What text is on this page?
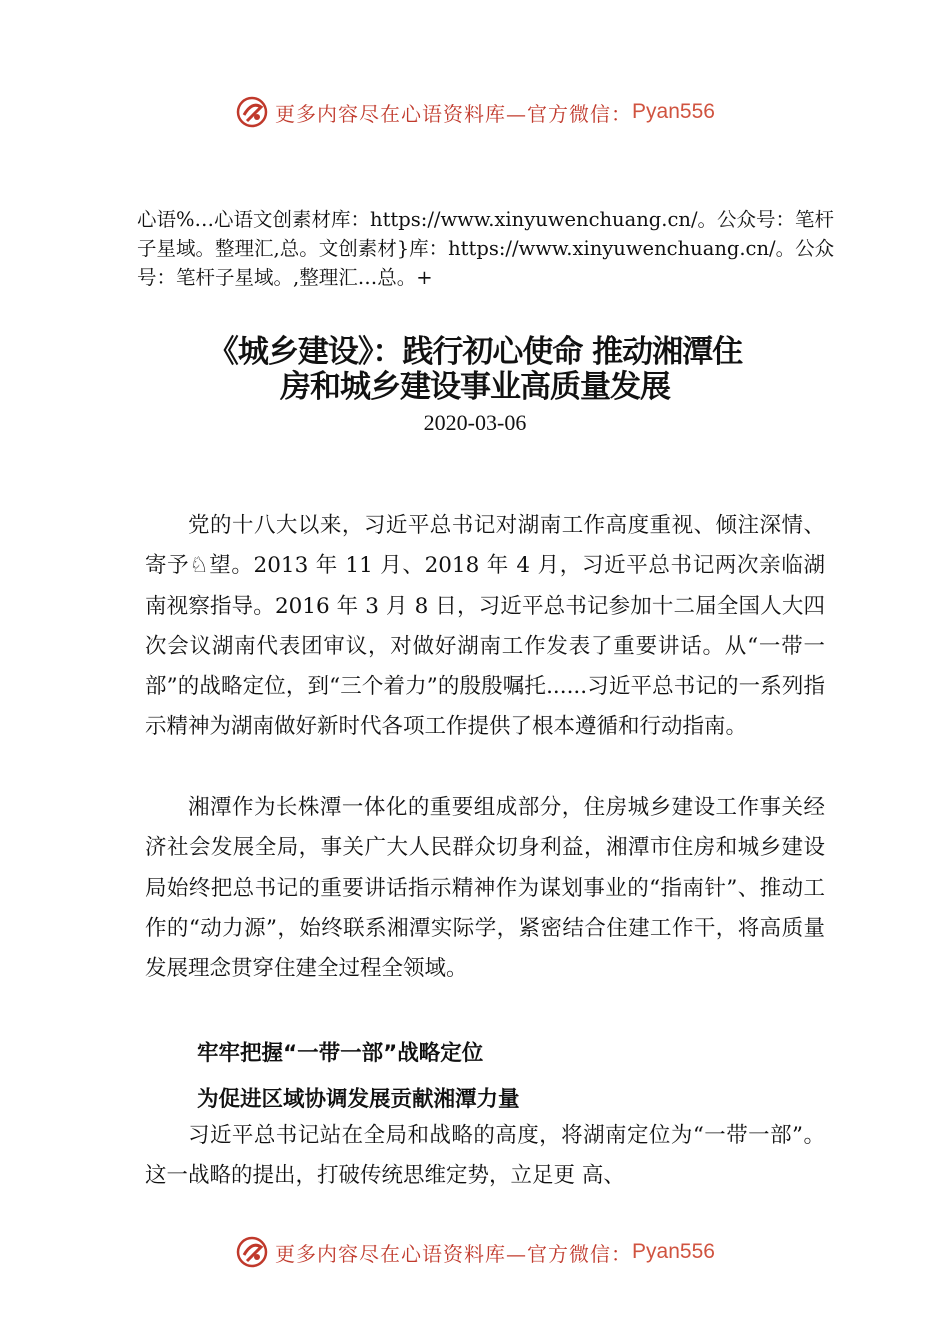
更多内容尽在心语资料库—官方微信： Pyan556
心语%…心语文创素材库：https://www.xinyuwenchuang.cn/。公众号：笔杆子星域。整理汇,总。文创素材}库：https://www.xinyuwenchuang.cn/。公众号：笔杆子星域。,整理汇…总。+
《城乡建设》：践行初心使命 推动湘潭住
房和城乡建设事业高质量发展
2020-03-06

党的十八大以来，习近平总书记对湖南工作高度重视、倾注深情、寄予♘望。2013 年 11 月、2018 年 4 月，习近平总书记两次亲临湖南视察指导。2016 年 3 月 8 日，习近平总书记参加十二届全国人大四次会议湖南代表团审议，对做好湖南工作发表了重要讲话。从“一带一部”的战略定位，到“三个着力”的殷殷嘱托......习近平总书记的一系列指示精神为湖南做好新时代各项工作提供了根本遵循和行动指南。

湘潭作为长株潭一体化的重要组成部分，住房城乡建设工作事关经济社会发展全局，事关广大人民群众切身利益，湘潭市住房和城乡建设局始终把总书记的重要讲话指示精神作为谋划事业的“指南针”、推动工作的“动力源”，始终联系湘潭实际学，紧密结合住建工作干，将高质量发展理念贯穿住建全过程全领域。

牢牢把握“一带一部”战略定位
为促进区域协调发展贡献湘潭力量

习近平总书记站在全局和战略的高度，将湖南定位为“一带一部”。这一战略的提出，打破传统思维定势，立足更 高、

更多内容尽在心语资料库—官方微信： Pyan556
